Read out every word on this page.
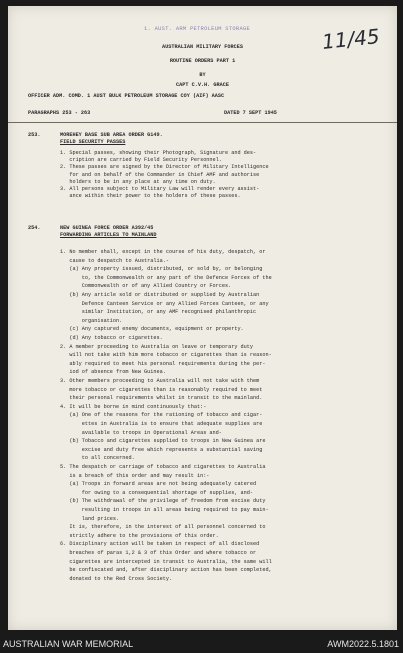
1. AUST. ARM PETROLEUM STORAGE	11/45
AUSTRALIAN MILITARY FORCES
ROUTINE ORDERS PART 1
BY
CAPT C.V.H. GRACE
OFFICER ADM. COMD. 1 AUST BULK PETROLEUM STORAGE COY (AIF) AASC
PARAGRAPHS 253 - 263	DATED 7 SEPT 1945
253.	MOREHEY BASE SUB AREA ORDER G149.
FIELD SECURITY PASSES
1. Special passes, showing their Photograph, Signature and des-
cription are carried by Field Security Personnel.
2. These passes are signed by the Director of Military Intelligence
for and on behalf of the Commander in Chief AMF and authorise
holders to be in any place at any time on duty.
3. All persons subject to Military Law will render every assist-
ance within their power to the holders of these passes.
254.	NEW GUINEA FORCE ORDER A392/45
FORWARDING ARTICLES TO MAINLAND
1. No member shall, except in the course of his duty, despatch, or
cause to despatch to Australia.-
(a) Any property issued, distributed, or sold by, or belonging
to, the Commonwealth or any part of the Defence Forces of the
Commonwealth or of any Allied Country or Forces.
(b) Any article sold or distributed or supplied by Australian
Defence Canteen Service or any Allied Forces Canteen, or any
similar Institution, or any AMF recognised philanthropic
organisation.
(c) Any captured enemy documents, equipment or property.
(d) Any tobacco or cigarettes.
2. A member proceeding to Australia on leave or temporary duty
will not take with him more tobacco or cigarettes than is reason-
ably required to meet his personal requirements during the per-
iod of absence from New Guinea.
3. Other members proceeding to Australia will not take with them
more tobacco or cigarettes than is reasonably required to meet
their personal requirements whilst in transit to the mainland.
4. It will be borne in mind continuously that:-
(a) One of the reasons for the rationing of tobacco and cigar-
ettes in Australia is to ensure that adequate supplies are
available to troops in Operational Areas and-
(b) Tobacco and cigarettes supplied to troops in New Guinea are
excise and duty free which represents a substantial saving
to all concerned.
5. The despatch or carriage of tobacco and cigarettes to Australia
is a breach of this order and may result in:-
(a) Troops in forward areas are not being adequately catered
for owing to a consequential shortage of supplies, and-
(b) The withdrawal of the privilege of freedom from excise duty
resulting in troops in all areas being required to pay main-
land prices.
It is, therefore, in the interest of all personnel concerned to
strictly adhere to the provisions of this order.
6. Disciplinary action will be taken in respect of all disclosed
breaches of paras 1,2 & 3 of this Order and where tobacco or
cigarettes are intercepted in transit to Australia, the same will
be confiscated and, after disciplinary action has been completed,
donated to the Red Cross Society.
AUSTRALIAN WAR MEMORIAL	AWM2022.5.1801
